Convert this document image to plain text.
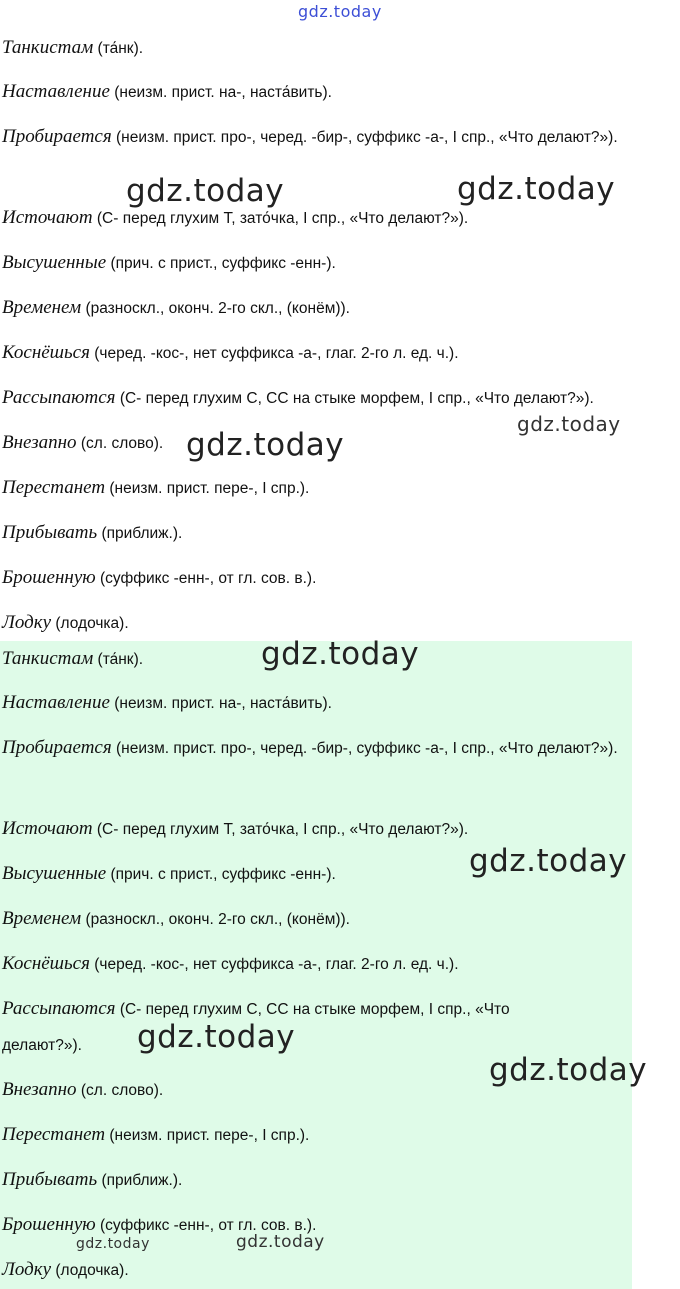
gdz.today
Танкистам (та́нк).
Наставление (неизм. прист. на-, наста́вить).
Пробирается (неизм. прист. про-, черед. -бир-, суффикс -а-, I спр., «Что делают?»).
Источают (С- перед глухим Т, зато́чка, I спр., «Что делают?»).
Высушенные (прич. с прист., суффикс -енн-).
Временем (разноскл., оконч. 2-го скл., (конём)).
Коснёшься (черед. -кос-, нет суффикса -а-, глаг. 2-го л. ед. ч.).
Рассыпаются (С- перед глухим С, СС на стыке морфем, I спр., «Что делают?»).
Внезапно (сл. слово).
Перестанет (неизм. прист. пере-, I спр.).
Прибывать (приближ.).
Брошенную (суффикс -енн-, от гл. сов. в.).
Лодку (лодочка).
Танкистам (та́нк).
Наставление (неизм. прист. на-, наста́вить).
Пробирается (неизм. прист. про-, черед. -бир-, суффикс -а-, I спр., «Что делают?»).
Источают (С- перед глухим Т, зато́чка, I спр., «Что делают?»).
Высушенные (прич. с прист., суффикс -енн-).
Временем (разноскл., оконч. 2-го скл., (конём)).
Коснёшься (черед. -кос-, нет суффикса -а-, глаг. 2-го л. ед. ч.).
Рассыпаются (С- перед глухим С, СС на стыке морфем, I спр., «Что делают?»).
Внезапно (сл. слово).
Перестанет (неизм. прист. пере-, I спр.).
Прибывать (приближ.).
Брошенную (суффикс -енн-, от гл. сов. в.).
Лодку (лодочка).
gdz.today	gdz.today
gdz.today
gdz.today
gdz.today
gdz.today
gdz.today
gdz.today
gdz.today	gdz.today
